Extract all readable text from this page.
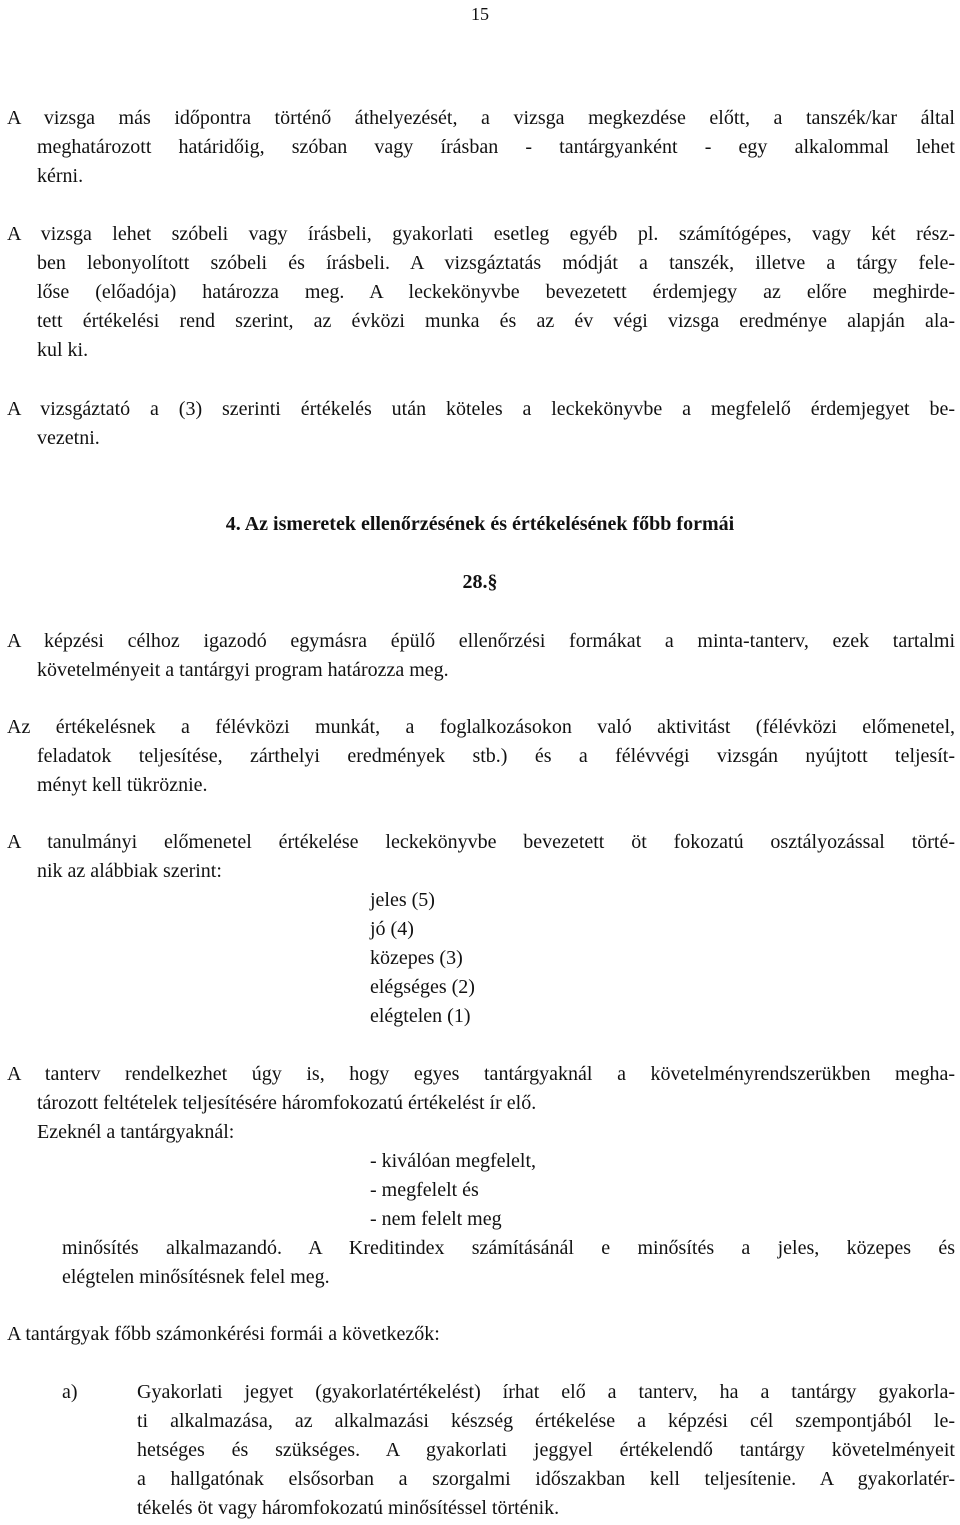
15
A vizsga más időpontra történő áthelyezését, a vizsga megkezdése előtt, a tanszék/kar által
meghatározott határidőig, szóban vagy írásban - tantárgyanként - egy alkalommal lehet
kérni.
A vizsga lehet szóbeli vagy írásbeli, gyakorlati esetleg egyéb pl. számítógépes, vagy két rész-
ben lebonyolított szóbeli és írásbeli. A vizsgáztatás módját a tanszék, illetve a tárgy fele-
lőse (előadója) határozza meg. A leckekönyvbe bevezetett érdemjegy az előre meghirde-
tett értékelési rend szerint, az évközi munka és az év végi vizsga eredménye alapján ala-
kul ki.
A vizsgáztató a (3) szerinti értékelés után köteles a leckekönyvbe a megfelelő érdemjegyet be-
vezetni.
4. Az ismeretek ellenőrzésének és értékelésének főbb formái
28.§
A képzési célhoz igazodó egymásra épülő ellenőrzési formákat a minta-tanterv, ezek tartalmi
követelményeit a tantárgyi program határozza meg.
Az értékelésnek a félévközi munkát, a foglalkozásokon való aktivitást (félévközi előmenetel,
feladatok teljesítése, zárthelyi eredmények stb.) és a félévvégi vizsgán nyújtott teljesít-
ményt kell tükröznie.
A tanulmányi előmenetel értékelése leckekönyvbe bevezetett öt fokozatú osztályozással törté-
nik az alábbiak szerint:
jeles (5)
jó (4)
közepes (3)
elégséges (2)
elégtelen (1)
A tanterv rendelkezhet úgy is, hogy egyes tantárgyaknál a követelményrendszerükben megha-
tározott feltételek teljesítésére háromfokozatú értékelést ír elő.
Ezeknél a tantárgyaknál:
- kiválóan megfelelt,
- megfelelt és
- nem felelt meg
minősítés alkalmazandó. A Kreditindex számításánál e minősítés a jeles, közepes és
elégtelen minősítésnek felel meg.
A tantárgyak főbb számonkérési formái a következők:
a)	Gyakorlati jegyet (gyakorlatértékelést) írhat elő a tanterv, ha a tantárgy gyakorla-
ti alkalmazása, az alkalmazási készség értékelése a képzési cél szempontjából le-
hetséges és szükséges. A gyakorlati jeggyel értékelendő tantárgy követelményeit
a hallgatónak elsősorban a szorgalmi időszakban kell teljesítenie. A gyakorlatér-
tékelés öt vagy háromfokozatú minősítéssel történik.
